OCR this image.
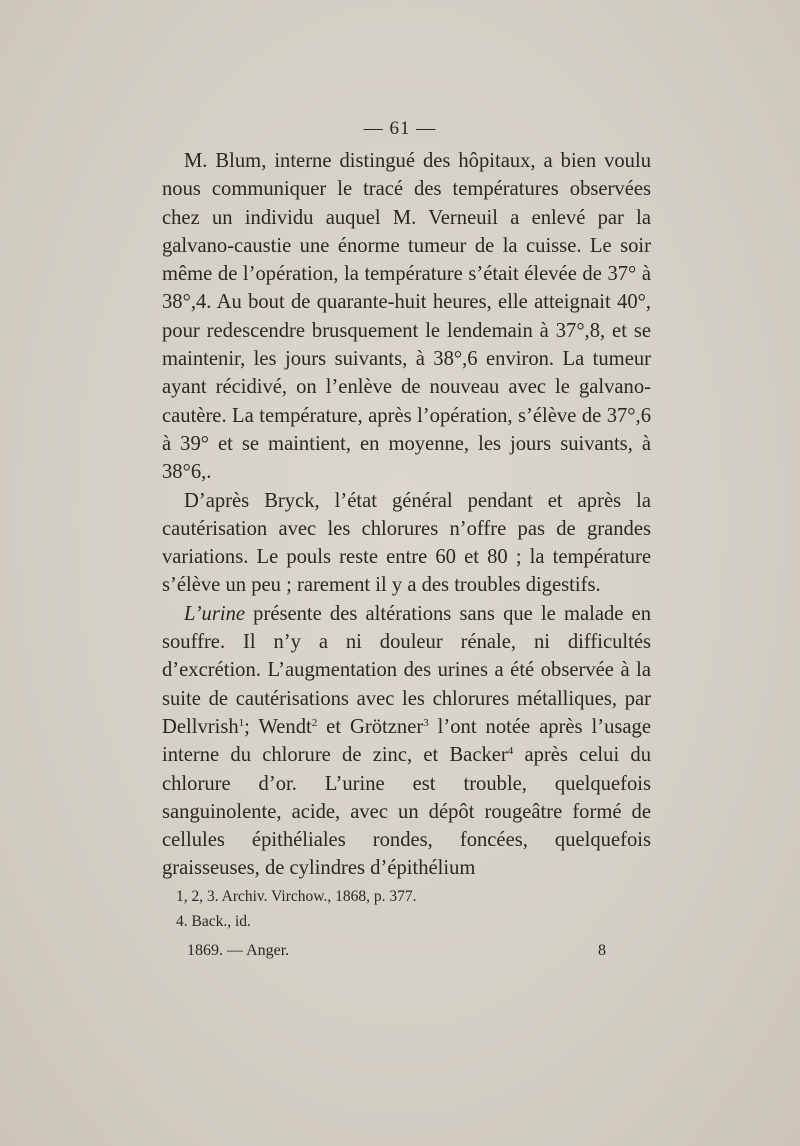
— 61 —

M. Blum, interne distingué des hôpitaux, a bien voulu nous communiquer le tracé des températures observées chez un individu auquel M. Verneuil a enlevé par la galvano-caustie une énorme tumeur de la cuisse. Le soir même de l’opération, la température s’était élevée de 37° à 38°,4. Au bout de quarante-huit heures, elle atteignait 40°, pour redescendre brusquement le lendemain à 37°,8, et se maintenir, les jours suivants, à 38°,6 environ. La tumeur ayant récidivé, on l’enlève de nouveau avec le galvano-cautère. La température, après l’opération, s’élève de 37°,6 à 39° et se maintient, en moyenne, les jours suivants, à 38°6,.

D’après Bryck, l’état général pendant et après la cautérisation avec les chlorures n’offre pas de grandes variations. Le pouls reste entre 60 et 80 ; la température s’élève un peu ; rarement il y a des troubles digestifs.

L’urine présente des altérations sans que le malade en souffre. Il n’y a ni douleur rénale, ni difficultés d’excrétion. L’augmentation des urines a été observée à la suite de cautérisations avec les chlorures métalliques, par Dellvrish$^1$; Wendt$^2$ et Grötzner$^3$ l’ont notée après l’usage interne du chlorure de zinc, et Backer$^4$ après celui du chlorure d’or. L’urine est trouble, quelquefois sanguinolente, acide, avec un dépôt rougeâtre formé de cellules épithéliales rondes, foncées, quelquefois graisseuses, de cylindres d’épithélium

1, 2, 3. Archiv. Virchow., 1868, p. 377.
4. Back., id.
1869. — Anger.	8
